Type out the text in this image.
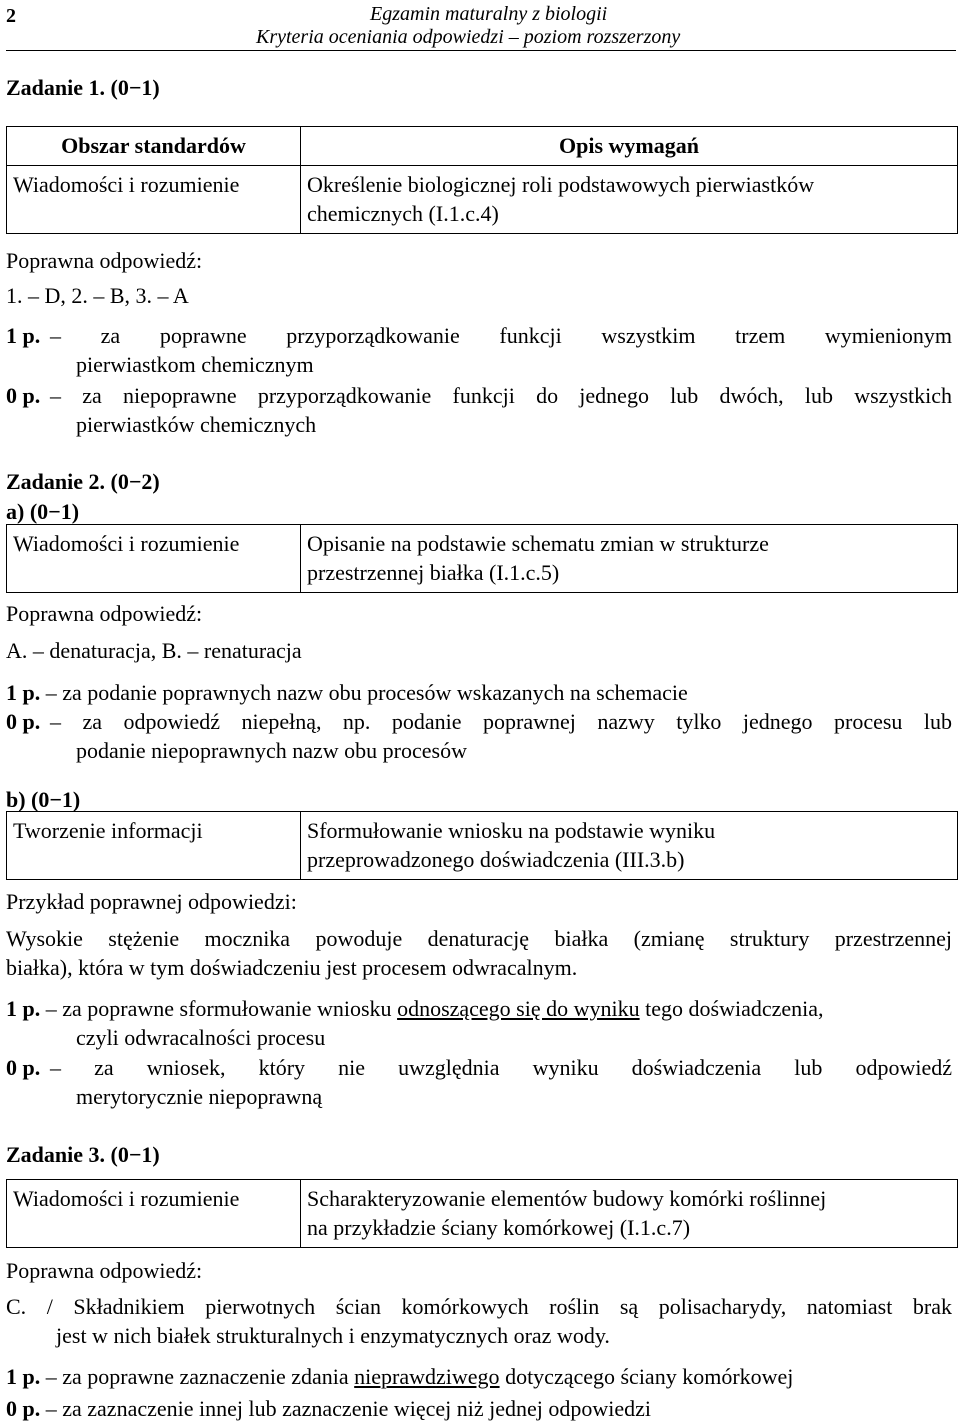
2	Egzamin maturalny z biologii
Kryteria oceniania odpowiedzi – poziom rozszerzony
Zadanie 1. (0−1)
Obszar standardów	Opis wymagań
Wiadomości i rozumienie	Określenie biologicznej roli podstawowych pierwiastków
chemicznych (I.1.c.4)
Poprawna odpowiedź:
1. – D, 2. – B, 3. – A
1 p. – za poprawne przyporządkowanie funkcji wszystkim trzem wymienionym
pierwiastkom chemicznym
0 p. – za niepoprawne przyporządkowanie funkcji do jednego lub dwóch, lub wszystkich
pierwiastków chemicznych
Zadanie 2. (0−2)
a) (0−1)
Wiadomości i rozumienie	Opisanie na podstawie schematu zmian w strukturze
przestrzennej białka (I.1.c.5)
Poprawna odpowiedź:
A. – denaturacja, B. – renaturacja
1 p. – za podanie poprawnych nazw obu procesów wskazanych na schemacie
0 p. – za odpowiedź niepełną, np. podanie poprawnej nazwy tylko jednego procesu lub
podanie niepoprawnych nazw obu procesów
b) (0−1)
Tworzenie informacji	Sformułowanie wniosku na podstawie wyniku
przeprowadzonego doświadczenia (III.3.b)
Przykład poprawnej odpowiedzi:
Wysokie stężenie mocznika powoduje denaturację białka (zmianę struktury przestrzennej
białka), która w tym doświadczeniu jest procesem odwracalnym.
1 p. – za poprawne sformułowanie wniosku odnoszącego się do wyniku tego doświadczenia,
czyli odwracalności procesu
0 p. – za wniosek, który nie uwzględnia wyniku doświadczenia lub odpowiedź
merytorycznie niepoprawną
Zadanie 3. (0−1)
Wiadomości i rozumienie	Scharakteryzowanie elementów budowy komórki roślinnej
na przykładzie ściany komórkowej (I.1.c.7)
Poprawna odpowiedź:
C. / Składnikiem pierwotnych ścian komórkowych roślin są polisacharydy, natomiast brak
jest w nich białek strukturalnych i enzymatycznych oraz wody.
1 p. – za poprawne zaznaczenie zdania nieprawdziwego dotyczącego ściany komórkowej
0 p. – za zaznaczenie innej lub zaznaczenie więcej niż jednej odpowiedzi
